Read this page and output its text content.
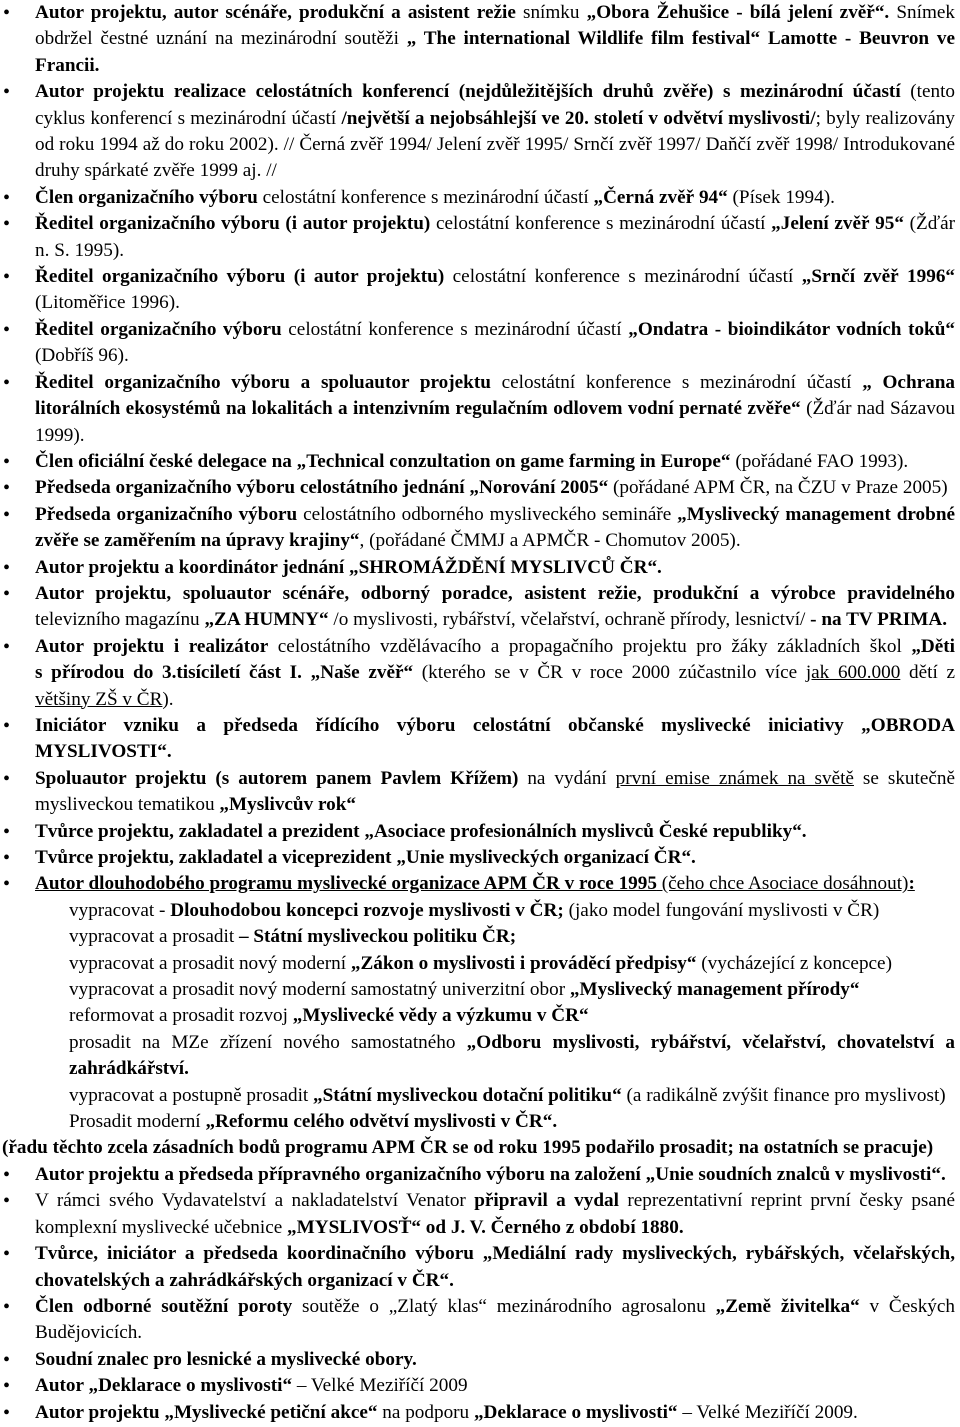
•
Autor projektu, autor scénáře, produkční a asistent režie snímku „Obora Žehušice - bílá jelení zvěř“. Snímek
obdržel čestné uznání na mezinárodní soutěži „ The international Wildlife film festival“ Lamotte - Beuvron ve
Francii.
•
Autor projektu realizace celostátních konferencí (nejdůležitějších druhů zvěře) s mezinárodní účastí (tento
cyklus konferencí s mezinárodní účastí /největší a nejobsáhlejší ve 20. století v odvětví myslivosti/; byly realizovány
od roku 1994 až do roku 2002). // Černá zvěř 1994/ Jelení zvěř 1995/ Srnčí zvěř 1997/ Daňčí zvěř 1998/ Introdukované
druhy spárkaté zvěře 1999 aj. //
•
Člen organizačního výboru celostátní konference s mezinárodní účastí „Černá zvěř 94“ (Písek 1994).
•
Ředitel organizačního výboru (i autor projektu) celostátní konference s mezinárodní účastí „Jelení zvěř 95“ (Žďár
n. S. 1995).
•
Ředitel organizačního výboru (i autor projektu) celostátní konference s mezinárodní účastí „Srnčí zvěř 1996“
(Litoměřice 1996).
•
Ředitel organizačního výboru celostátní konference s mezinárodní účastí „Ondatra - bioindikátor vodních toků“
(Dobříš 96).
•
Ředitel organizačního výboru a spoluautor projektu celostátní konference s mezinárodní účastí „ Ochrana
litorálních ekosystémů na lokalitách a intenzivním regulačním odlovem vodní pernaté zvěře“ (Žďár nad Sázavou
1999).
•
Člen oficiální české delegace na „Technical conzultation on game farming in Europe“ (pořádané FAO 1993).
•
Předseda organizačního výboru celostátního jednání „Norování 2005“ (pořádané APM ČR, na ČZU v Praze 2005)
•
Předseda organizačního výboru celostátního odborného mysliveckého semináře „Myslivecký management drobné
zvěře se zaměřením na úpravy krajiny“, (pořádané ČMMJ a APMČR - Chomutov 2005).
•
Autor projektu a koordinátor jednání „SHROMÁŽDĚNÍ MYSLIVCŮ ČR“.
•
Autor projektu, spoluautor scénáře, odborný poradce, asistent režie, produkční a výrobce pravidelného
televizního magazínu „ZA HUMNY“ /o myslivosti, rybářství, včelařství, ochraně přírody, lesnictví/ - na TV PRIMA.
•
Autor projektu i realizátor celostátního vzdělávacího a propagačního projektu pro žáky základních škol „Děti
s přírodou do 3.tisíciletí část I. „Naše zvěř“ (kterého se v ČR v roce 2000 zúčastnilo více jak 600.000 dětí z
většiny ZŠ v ČR).
•
Iniciátor vzniku a předseda řídícího výboru celostátní občanské myslivecké iniciativy „OBRODA
MYSLIVOSTI“.
•
Spoluautor projektu (s autorem panem Pavlem Křížem) na vydání první emise známek na světě se skutečně
mysliveckou tematikou „Myslivcův rok“
•
Tvůrce projektu, zakladatel a prezident „Asociace profesionálních myslivců České republiky“.
•
Tvůrce projektu, zakladatel a viceprezident „Unie mysliveckých organizací ČR“.
•
Autor dlouhodobého programu myslivecké organizace APM ČR v roce 1995 (čeho chce Asociace dosáhnout):
vypracovat - Dlouhodobou koncepci rozvoje myslivosti v ČR; (jako model fungování myslivosti v ČR)
vypracovat a prosadit – Státní mysliveckou politiku ČR;
vypracovat a prosadit nový moderní „Zákon o myslivosti i prováděcí předpisy“ (vycházející z koncepce)
vypracovat a prosadit nový moderní samostatný univerzitní obor „Myslivecký management přírody“
reformovat a prosadit rozvoj „Myslivecké vědy a výzkumu v ČR“
prosadit na MZe zřízení nového samostatného „Odboru myslivosti, rybářství, včelařství, chovatelství a
zahrádkářství.
vypracovat a postupně prosadit „Státní mysliveckou dotační politiku“ (a radikálně zvýšit finance pro myslivost)
Prosadit moderní „Reformu celého odvětví myslivosti v ČR“.
(řadu těchto zcela zásadních bodů programu APM ČR se od roku 1995 podařilo prosadit; na ostatních se pracuje)
•
Autor projektu a předseda přípravného organizačního výboru na založení „Unie soudních znalců v myslivosti“.
•
V rámci svého Vydavatelství a nakladatelství Venator připravil a vydal reprezentativní reprint první česky psané
komplexní myslivecké učebnice „MYSLIVOSŤ“ od J. V. Černého z období 1880.
•
Tvůrce, iniciátor a předseda koordinačního výboru „Mediální rady mysliveckých, rybářských, včelařských,
chovatelských a zahrádkářských organizací v ČR“.
•
Člen odborné soutěžní poroty soutěže o „Zlatý klas“ mezinárodního agrosalonu „Země živitelka“ v Českých
Budějovicích.
•
Soudní znalec pro lesnické a myslivecké obory.
•
Autor „Deklarace o myslivosti“ – Velké Meziříčí 2009
•
Autor projektu „Myslivecké petiční akce“ na podporu „Deklarace o myslivosti“ – Velké Meziříčí 2009.
